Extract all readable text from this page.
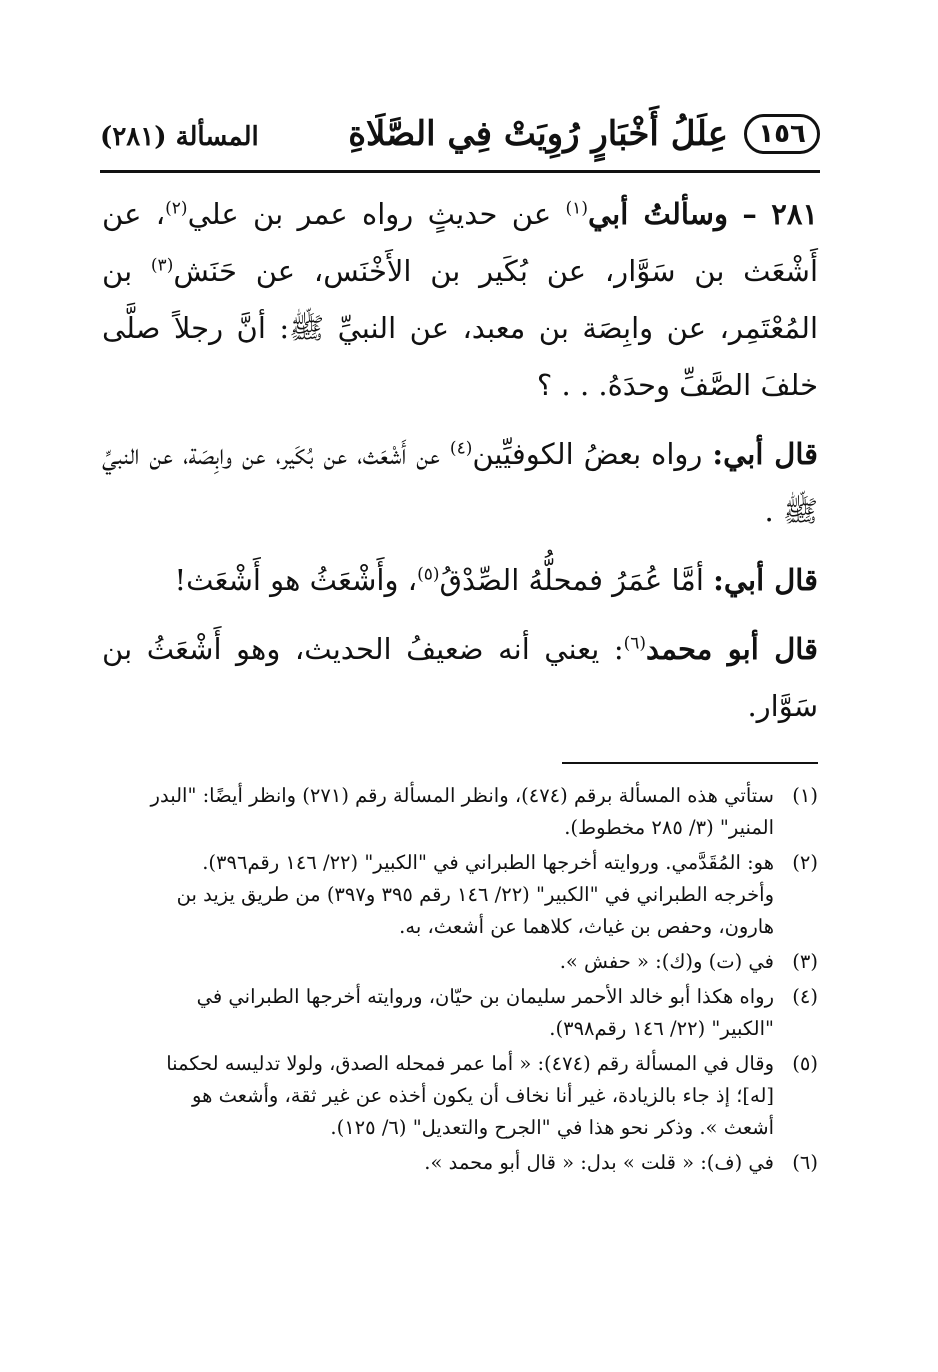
١٥٦
عِلَلُ أَخْبَارٍ رُوِيَتْ فِي الصَّلَاةِ
المسألة (٢٨١)

٢٨١ – وسألتُ أبي$^{(١)}$ عن حديثٍ رواه عمر بن علي$^{(٢)}$، عن أَشْعَث بن سَوَّار، عن بُكَير بن الأَخْنَس، عن حَنَش$^{(٣)}$ بن المُعْتَمِر، عن وابِصَة بن معبد، عن النبيِّ ﷺ: أنَّ رجلاً صلَّى خلفَ الصَّفِّ وحدَهُ. . . ؟

قال أبي: رواه بعضُ الكوفيِّين$^{(٤)}$ عن أَشْعَث، عن بُكَير، عن وابِصَة، عن النبيِّ ﷺ .

قال أبي: أمَّا عُمَرُ فمحلُّهُ الصِّدْقُ$^{(٥)}$، وأَشْعَثُ هو أَشْعَث!

قال أبو محمد$^{(٦)}$: يعني أنه ضعيفُ الحديث، وهو أَشْعَثُ بن سَوَّار.

(١)
ستأتي هذه المسألة برقم (٤٧٤)، وانظر المسألة رقم (٢٧١) وانظر أيضًا: "البدر
المنير" (٣/ ٢٨٥ مخطوط).
(٢)
هو: المُقَدَّمي. وروايته أخرجها الطبراني في "الكبير" (٢٢/ ١٤٦ رقم٣٩٦).
وأخرجه الطبراني في "الكبير" (٢٢/ ١٤٦ رقم ٣٩٥ و٣٩٧) من طريق يزيد بن
هارون، وحفص بن غياث، كلاهما عن أشعث، به.
(٣)
في (ت) و(ك): « حفش ».
(٤)
رواه هكذا أبو خالد الأحمر سليمان بن حيّان، وروايته أخرجها الطبراني في
"الكبير" (٢٢/ ١٤٦ رقم٣٩٨).
(٥)
وقال في المسألة رقم (٤٧٤): « أما عمر فمحله الصدق، ولولا تدليسه لحكمنا
[له]؛ إذ جاء بالزيادة، غير أنا نخاف أن يكون أخذه عن غير ثقة، وأشعث هو
أشعث ». وذكر نحو هذا في "الجرح والتعديل" (٦/ ١٢٥).
(٦)
في (ف): « قلت » بدل: « قال أبو محمد ».
